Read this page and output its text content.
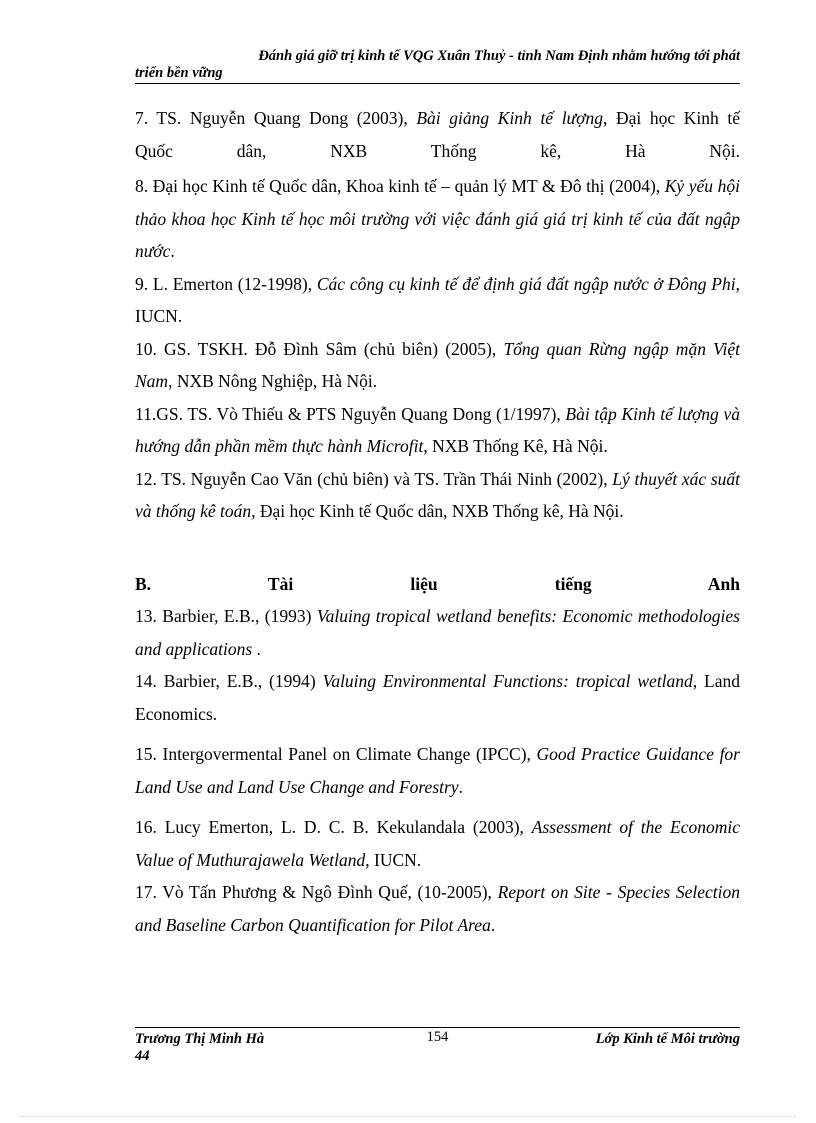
Đánh giá giỡ trị kinh tế VQG Xuân Thuỷ - tỉnh Nam Định nhằm hướng tới phát
triển bền vững
7. TS. Nguyễn Quang Dong (2003), Bài giảng Kinh tế lượng, Đại học Kinh tế
Quốc dân, NXB Thống kê, Hà Nội.

8. Đại học Kinh tế Quốc dân, Khoa kinh tế – quản lý MT & Đô thị (2004), Kỷ yếu hội thảo khoa học Kinh tế học môi trường với việc đánh giá giá trị kinh tế của đất ngập nước.

9. L. Emerton (12-1998), Các công cụ kinh tế để định giá đất ngập nước ở Đông Phi, IUCN.

10. GS. TSKH. Đỗ Đình Sâm (chủ biên) (2005), Tổng quan Rừng ngập mặn Việt Nam, NXB Nông Nghiệp, Hà Nội.

11.GS. TS. Vò Thiếu & PTS Nguyễn Quang Dong (1/1997), Bài tập Kinh tế lượng và hướng dẫn phần mềm thực hành Microfit, NXB Thống Kê, Hà Nội.

12. TS. Nguyễn Cao Văn (chủ biên) và TS. Trần Thái Ninh (2002), Lý thuyết xác suất và thống kê toán, Đại học Kinh tế Quốc dân, NXB Thống kê, Hà Nội.

B. Tài liệu tiếng Anh

13. Barbier, E.B., (1993) Valuing tropical wetland benefits: Economic methodologies and applications .

14. Barbier, E.B., (1994) Valuing Environmental Functions: tropical wetland, Land Economics.

15. Intergovermental Panel on Climate Change (IPCC), Good Practice Guidance for Land Use and Land Use Change and Forestry.

16. Lucy Emerton, L. D. C. B. Kekulandala (2003), Assessment of the Economic Value of Muthurajawela Wetland, IUCN.

17. Vò Tấn Phương & Ngô Đình Quế, (10-2005), Report on Site - Species Selection and Baseline Carbon Quantification for Pilot Area.

Trương Thị Minh Hà
44
154	Lớp Kinh tế Môi trường
